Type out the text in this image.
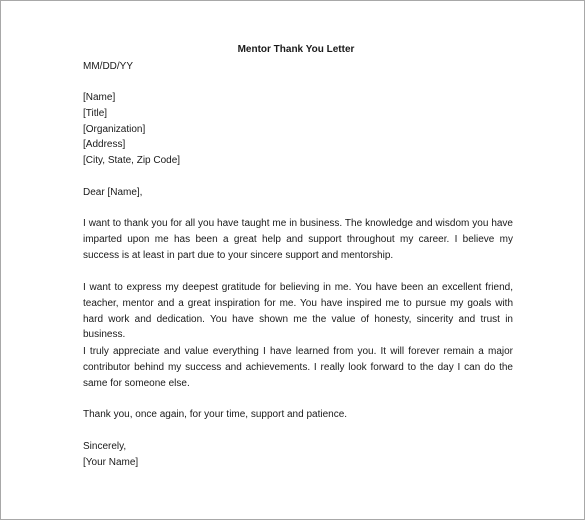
Mentor Thank You Letter
MM/DD/YY
[Name]
[Title]
[Organization]
[Address]
[City, State, Zip Code]
Dear [Name],

I want to thank you for all you have taught me in business. The knowledge and wisdom you have imparted upon me has been a great help and support throughout my career. I believe my success is at least in part due to your sincere support and mentorship.

I want to express my deepest gratitude for believing in me. You have been an excellent friend, teacher, mentor and a great inspiration for me. You have inspired me to pursue my goals with hard work and dedication. You have shown me the value of honesty, sincerity and trust in business.

I truly appreciate and value everything I have learned from you. It will forever remain a major contributor behind my success and achievements. I really look forward to the day I can do the same for someone else.

Thank you, once again, for your time, support and patience.

Sincerely,
[Your Name]
